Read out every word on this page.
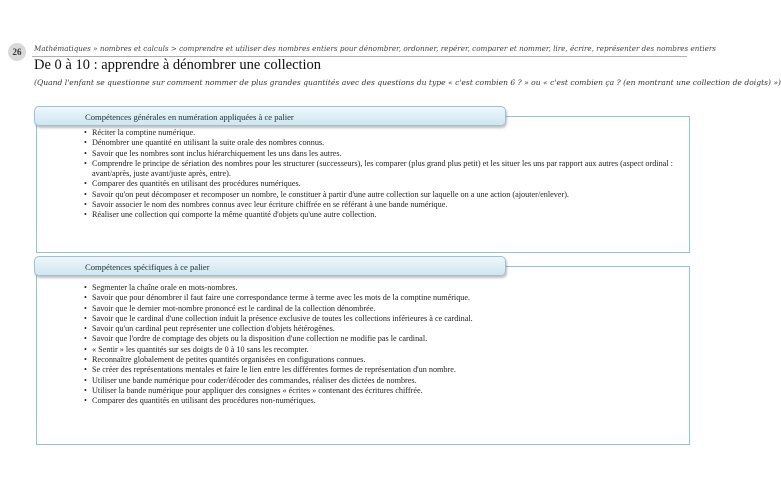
26	Mathématiques » nombres et calculs > comprendre et utiliser des nombres entiers pour dénombrer, ordonner, repérer, comparer et nommer, lire, écrire, représenter des nombres entiers
De 0 à 10 : apprendre à dénombrer une collection
(Quand l'enfant se questionne sur comment nommer de plus grandes quantités avec des questions du type « c'est combien 6 ? » ou « c'est combien ça ? (en montrant une collection de doigts) »)
Compétences générales en numération appliquées à ce palier
• Réciter la comptine numérique.
• Dénombrer une quantité en utilisant la suite orale des nombres connus.
• Savoir que les nombres sont inclus hiérarchiquement les uns dans les autres.
• Comprendre le principe de sériation des nombres pour les structurer (successeurs), les comparer (plus grand plus petit) et les situer les uns par rapport aux autres (aspect ordinal : avant/après, juste avant/juste après, entre).
• Comparer des quantités en utilisant des procédures numériques.
• Savoir qu'on peut décomposer et recomposer un nombre, le constituer à partir d'une autre collection sur laquelle on a une action (ajouter/enlever).
• Savoir associer le nom des nombres connus avec leur écriture chiffrée en se référant à une bande numérique.
• Réaliser une collection qui comporte la même quantité d'objets qu'une autre collection.
Compétences spécifiques à ce palier
• Segmenter la chaîne orale en mots-nombres.
• Savoir que pour dénombrer il faut faire une correspondance terme à terme avec les mots de la comptine numérique.
• Savoir que le dernier mot-nombre prononcé est le cardinal de la collection dénombrée.
• Savoir que le cardinal d'une collection induit la présence exclusive de toutes les collections inférieures à ce cardinal.
• Savoir qu'un cardinal peut représenter une collection d'objets hétérogènes.
• Savoir que l'ordre de comptage des objets ou la disposition d'une collection ne modifie pas le cardinal.
• « Sentir » les quantités sur ses doigts de 0 à 10 sans les recompter.
• Reconnaître globalement de petites quantités organisées en configurations connues.
• Se créer des représentations mentales et faire le lien entre les différentes formes de représentation d'un nombre.
• Utiliser une bande numérique pour coder/décoder des commandes, réaliser des dictées de nombres.
• Utiliser la bande numérique pour appliquer des consignes « écrites » contenant des écritures chiffrée.
• Comparer des quantités en utilisant des procédures non-numériques.
